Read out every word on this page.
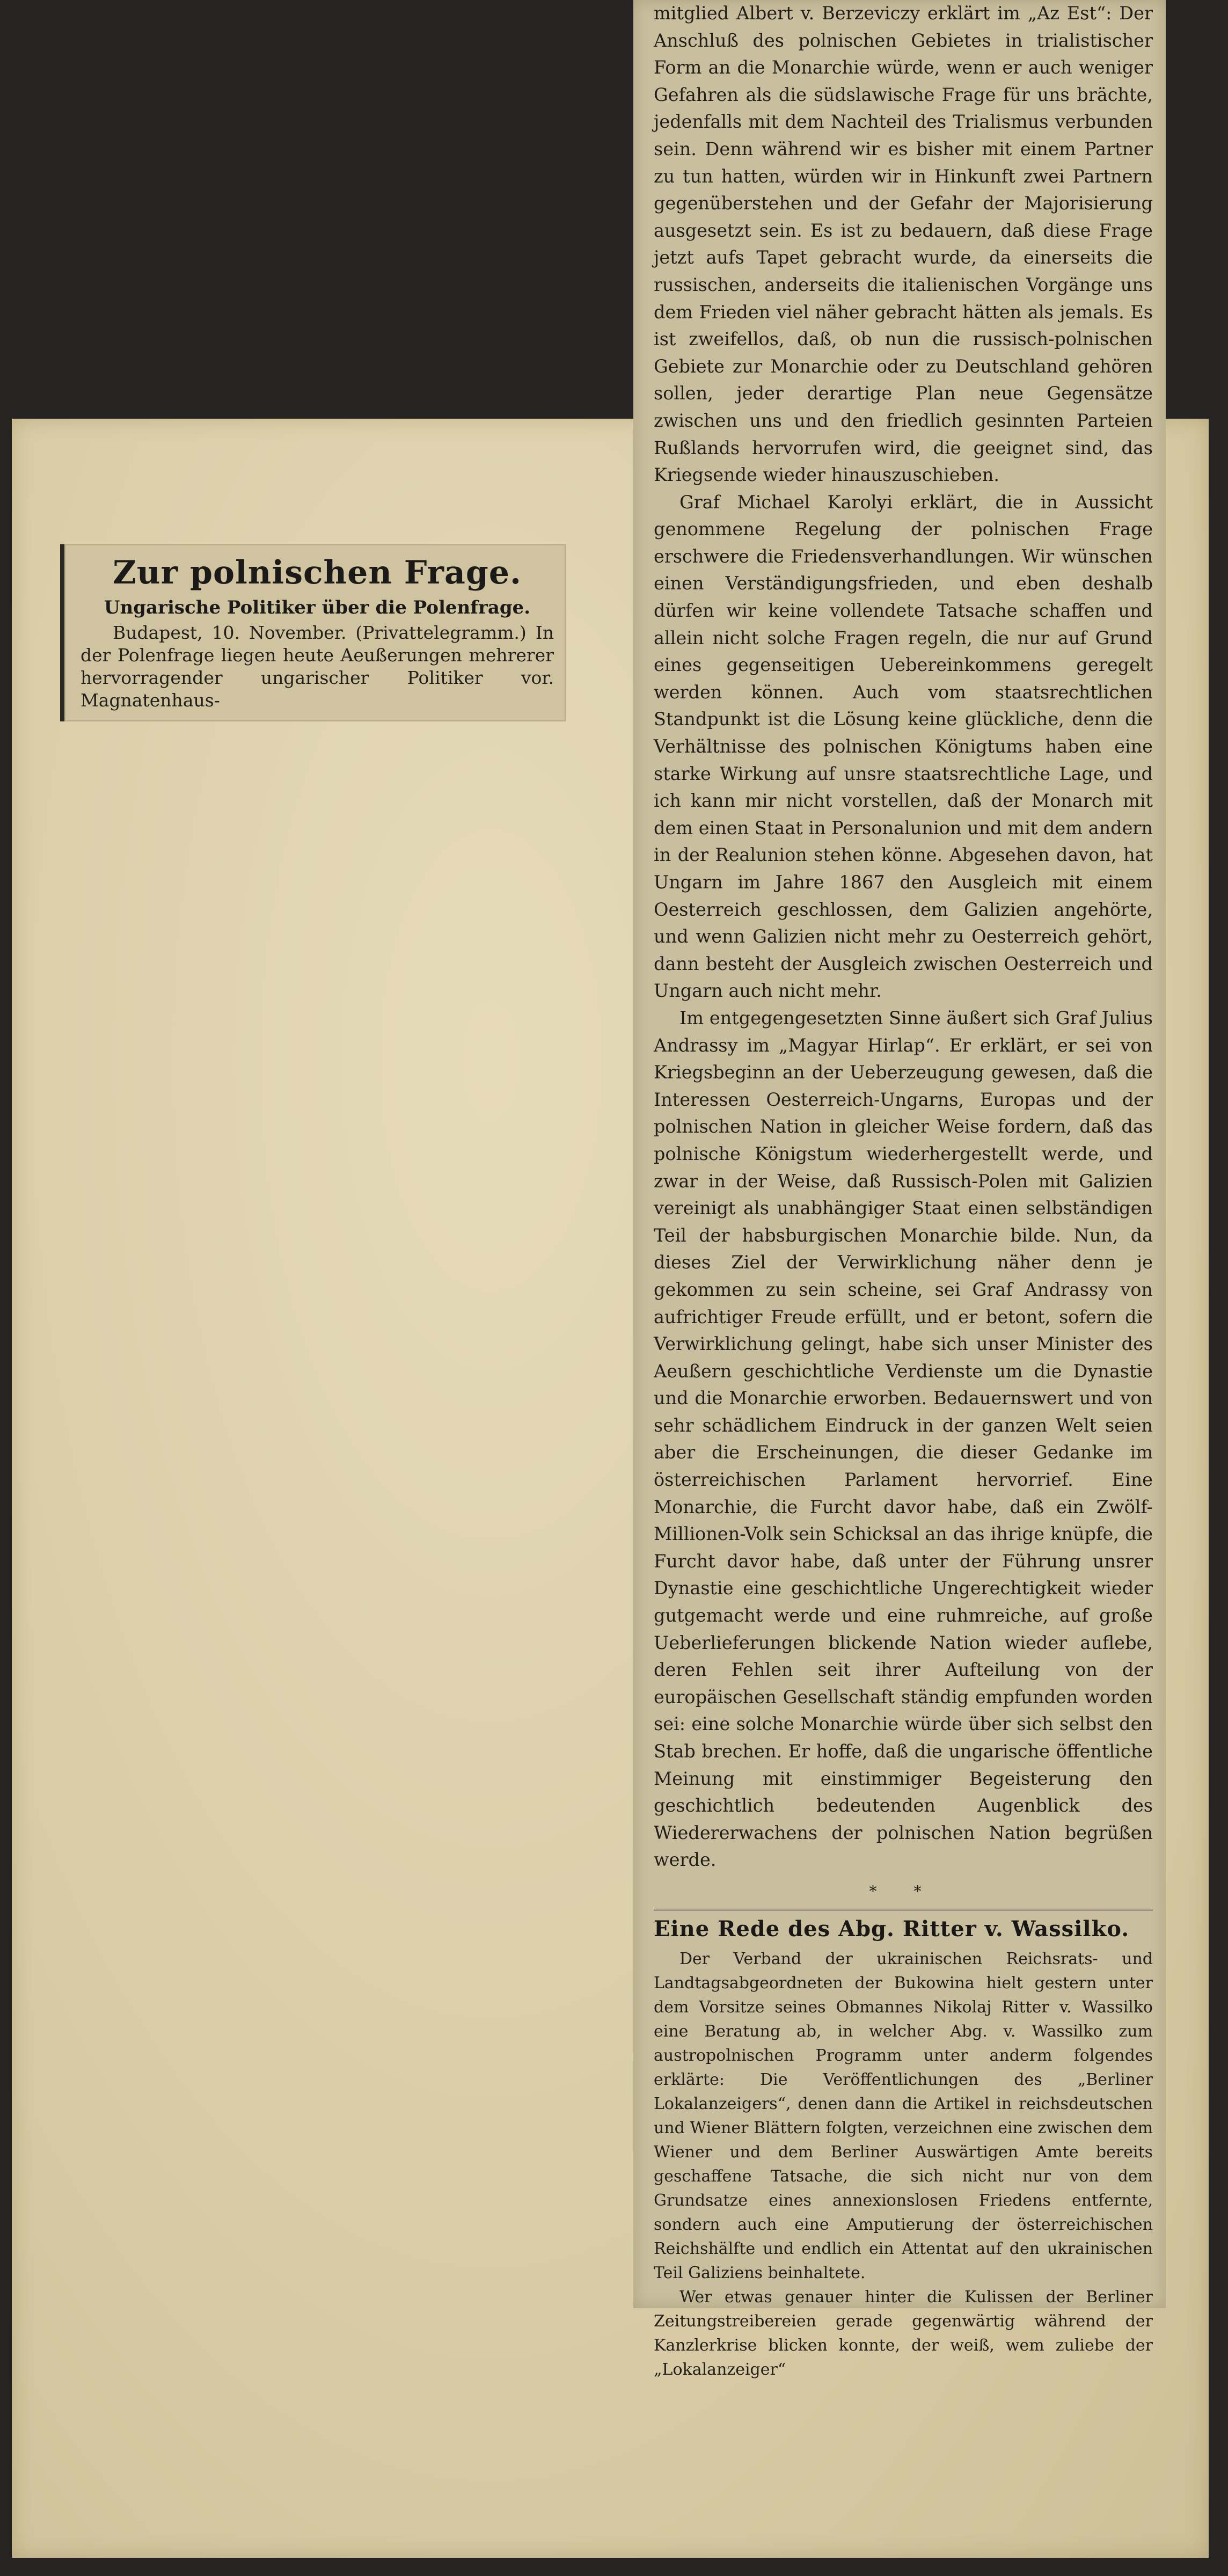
Zur polnischen Frage.
Ungarische Politiker über die Polenfrage.

Budapest, 10. November. (Privattelegramm.) In der Polenfrage liegen heute Aeußerungen mehrerer hervorragender ungarischer Politiker vor. Magnatenhaus-

mitglied Albert v. Berzeviczy erklärt im „Az Est“: Der Anschluß des polnischen Gebietes in trialistischer Form an die Monarchie würde, wenn er auch weniger Gefahren als die südslawische Frage für uns brächte, jedenfalls mit dem Nachteil des Trialismus verbunden sein. Denn während wir es bisher mit einem Partner zu tun hatten, würden wir in Hinkunft zwei Partnern gegenüberstehen und der Gefahr der Majorisierung ausgesetzt sein. Es ist zu bedauern, daß diese Frage jetzt aufs Tapet gebracht wurde, da einerseits die russischen, anderseits die italienischen Vorgänge uns dem Frieden viel näher gebracht hätten als jemals. Es ist zweifellos, daß, ob nun die russisch-polnischen Gebiete zur Monarchie oder zu Deutschland gehören sollen, jeder derartige Plan neue Gegensätze zwischen uns und den friedlich gesinnten Parteien Rußlands hervorrufen wird, die geeignet sind, das Kriegsende wieder hinauszuschieben.

Graf Michael Karolyi erklärt, die in Aussicht genommene Regelung der polnischen Frage erschwere die Friedensverhandlungen. Wir wünschen einen Verständigungsfrieden, und eben deshalb dürfen wir keine vollendete Tatsache schaffen und allein nicht solche Fragen regeln, die nur auf Grund eines gegenseitigen Uebereinkommens geregelt werden können. Auch vom staatsrechtlichen Standpunkt ist die Lösung keine glückliche, denn die Verhältnisse des polnischen Königtums haben eine starke Wirkung auf unsre staatsrechtliche Lage, und ich kann mir nicht vorstellen, daß der Monarch mit dem einen Staat in Personalunion und mit dem andern in der Realunion stehen könne. Abgesehen davon, hat Ungarn im Jahre 1867 den Ausgleich mit einem Oesterreich geschlossen, dem Galizien angehörte, und wenn Galizien nicht mehr zu Oesterreich gehört, dann besteht der Ausgleich zwischen Oesterreich und Ungarn auch nicht mehr.

Im entgegengesetzten Sinne äußert sich Graf Julius Andrassy im „Magyar Hirlap“. Er erklärt, er sei von Kriegsbeginn an der Ueberzeugung gewesen, daß die Interessen Oesterreich-Ungarns, Europas und der polnischen Nation in gleicher Weise fordern, daß das polnische Königstum wiederhergestellt werde, und zwar in der Weise, daß Russisch-Polen mit Galizien vereinigt als unabhängiger Staat einen selbständigen Teil der habsburgischen Monarchie bilde. Nun, da dieses Ziel der Verwirklichung näher denn je gekommen zu sein scheine, sei Graf Andrassy von aufrichtiger Freude erfüllt, und er betont, sofern die Verwirklichung gelingt, habe sich unser Minister des Aeußern geschichtliche Verdienste um die Dynastie und die Monarchie erworben. Bedauernswert und von sehr schädlichem Eindruck in der ganzen Welt seien aber die Erscheinungen, die dieser Gedanke im österreichischen Parlament hervorrief. Eine Monarchie, die Furcht davor habe, daß ein Zwölf-Millionen-Volk sein Schicksal an das ihrige knüpfe, die Furcht davor habe, daß unter der Führung unsrer Dynastie eine geschichtliche Ungerechtigkeit wieder gutgemacht werde und eine ruhmreiche, auf große Ueberlieferungen blickende Nation wieder auflebe, deren Fehlen seit ihrer Aufteilung von der europäischen Gesellschaft ständig empfunden worden sei: eine solche Monarchie würde über sich selbst den Stab brechen. Er hoffe, daß die ungarische öffentliche Meinung mit einstimmiger Begeisterung den geschichtlich bedeutenden Augenblick des Wiedererwachens der polnischen Nation begrüßen werde.

* *
Eine Rede des Abg. Ritter v. Wassilko.

Der Verband der ukrainischen Reichsrats- und Landtagsabgeordneten der Bukowina hielt gestern unter dem Vorsitze seines Obmannes Nikolaj Ritter v. Wassilko eine Beratung ab, in welcher Abg. v. Wassilko zum austropolnischen Programm unter anderm folgendes erklärte: Die Veröffentlichungen des „Berliner Lokalanzeigers“, denen dann die Artikel in reichsdeutschen und Wiener Blättern folgten, verzeichnen eine zwischen dem Wiener und dem Berliner Auswärtigen Amte bereits geschaffene Tatsache, die sich nicht nur von dem Grundsatze eines annexionslosen Friedens entfernte, sondern auch eine Amputierung der österreichischen Reichshälfte und endlich ein Attentat auf den ukrainischen Teil Galiziens beinhaltete.

Wer etwas genauer hinter die Kulissen der Berliner Zeitungstreibereien gerade gegenwärtig während der Kanzlerkrise blicken konnte, der weiß, wem zuliebe der „Lokalanzeiger“
